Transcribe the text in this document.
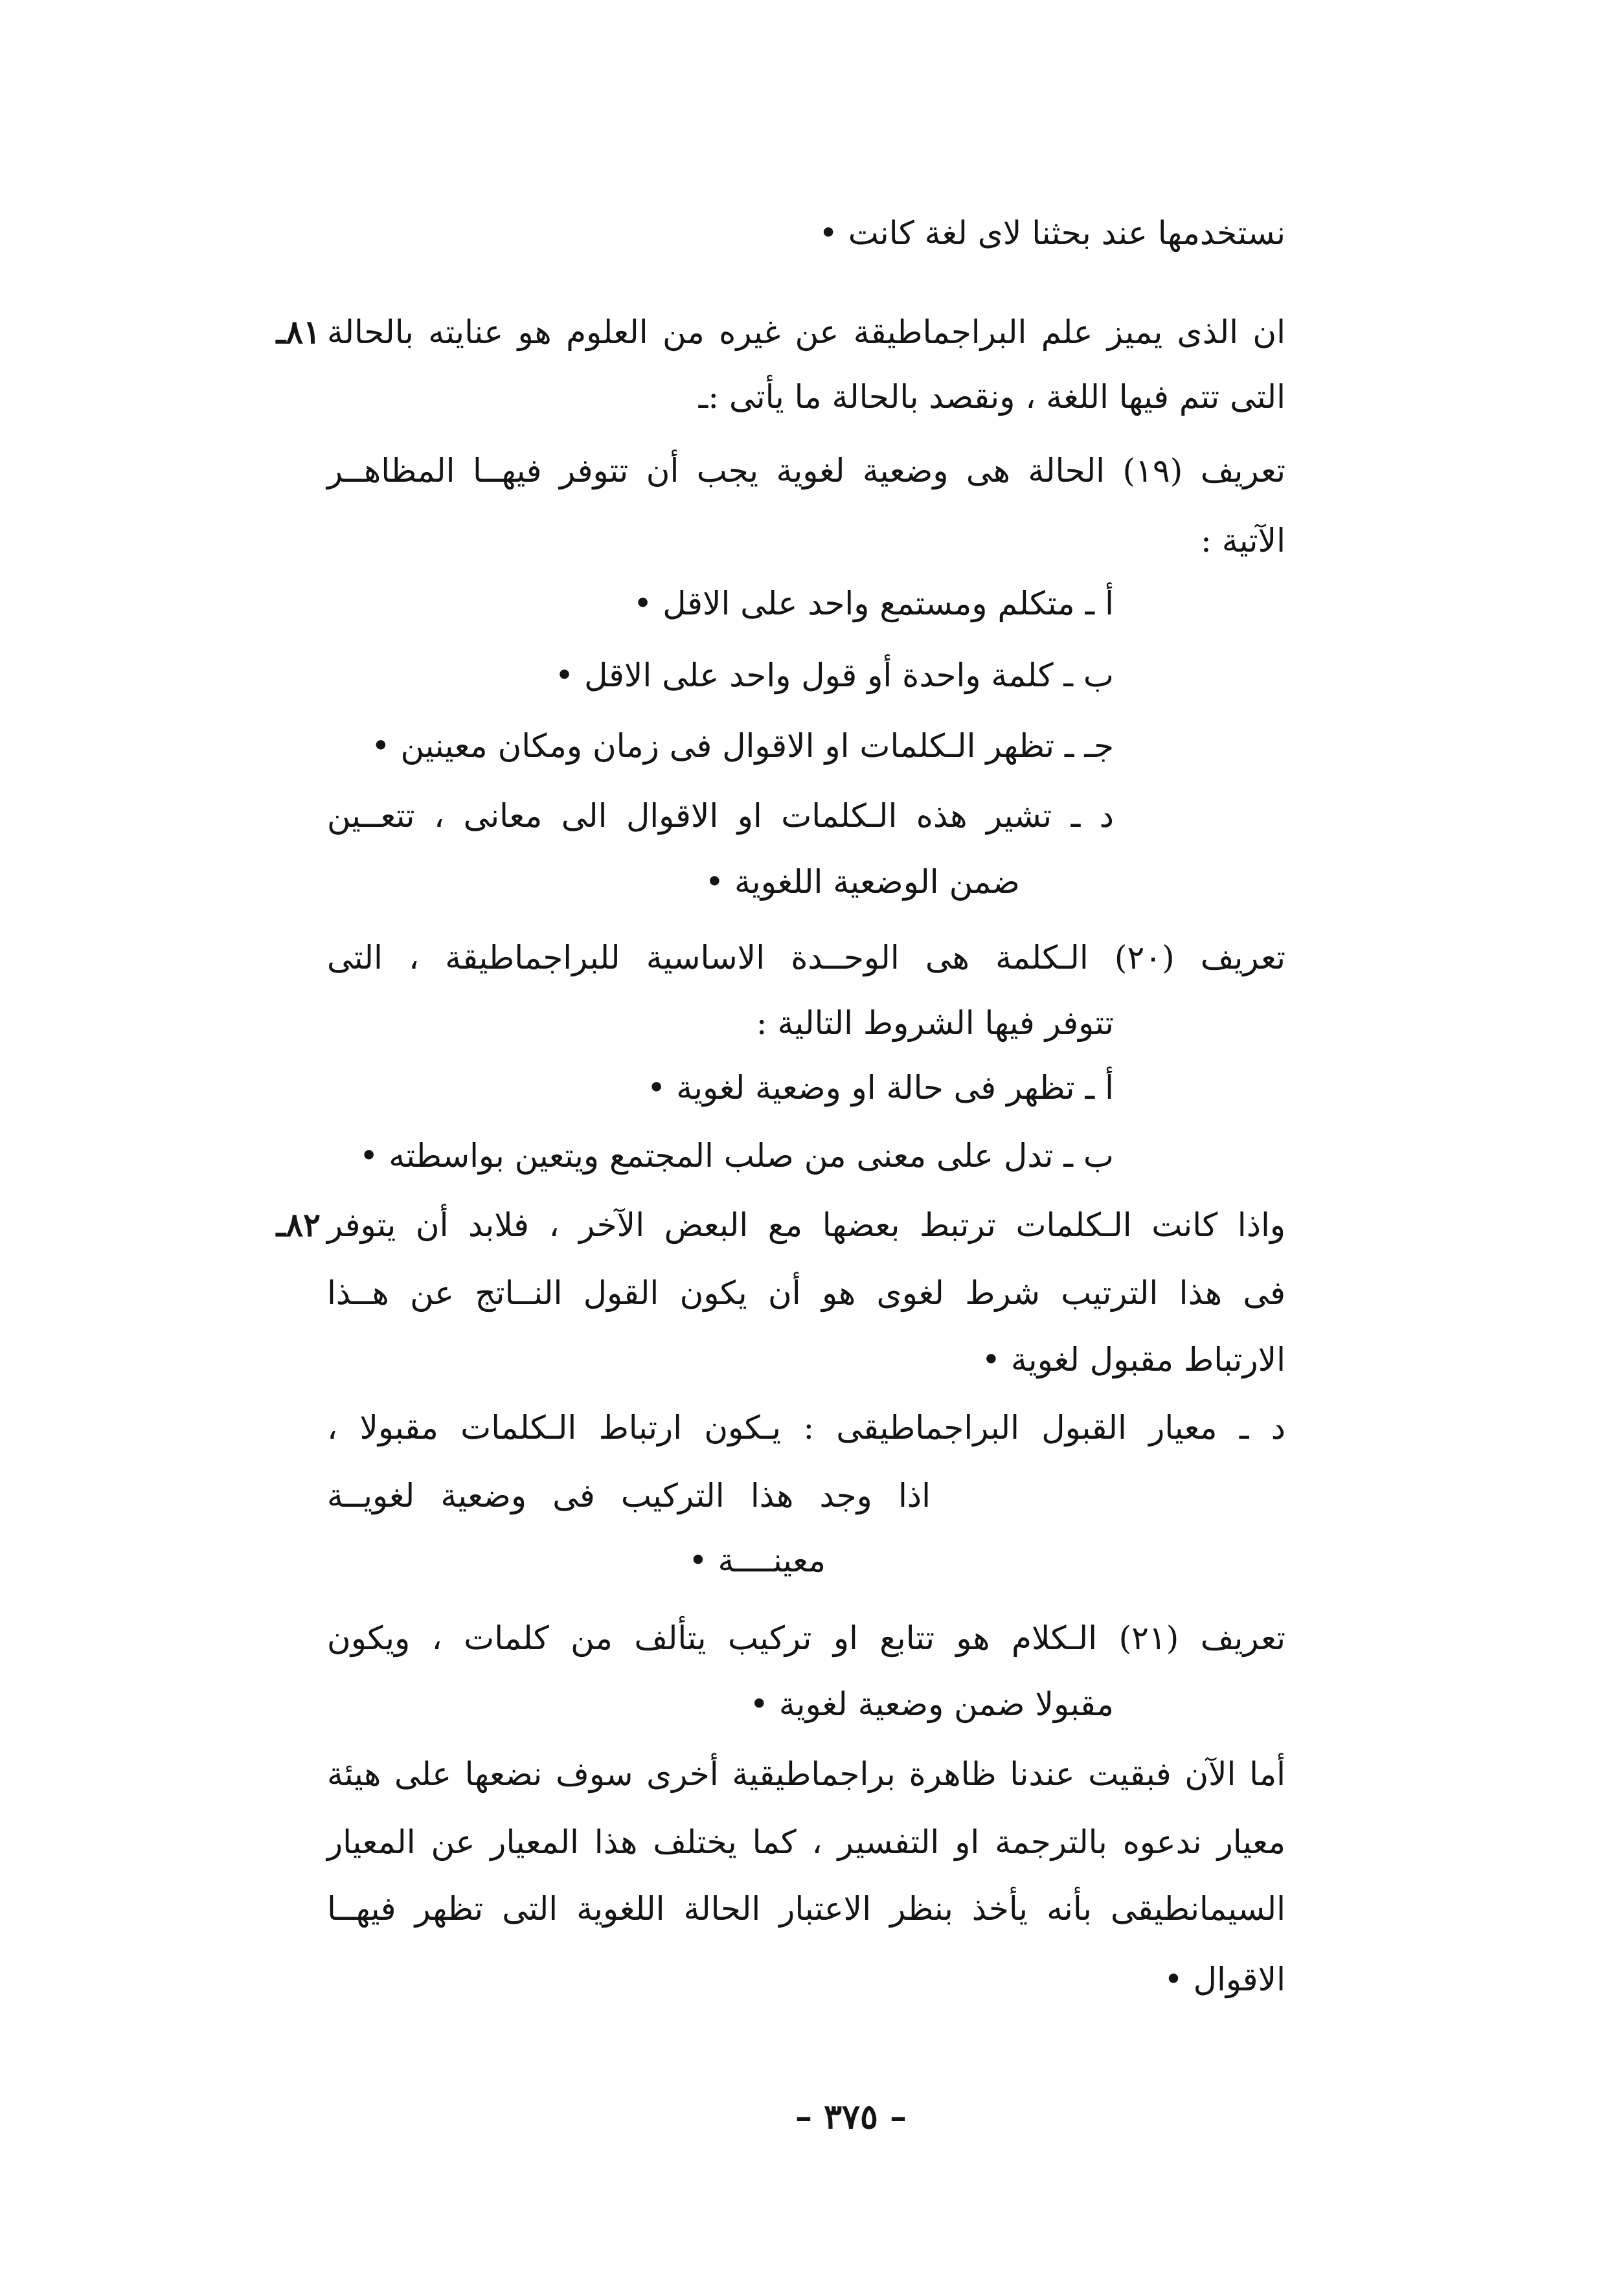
نستخدمها عند بحثنا لاى لغة كانت •
٨١ـ ان الذى يميز علم البراجماطيقة عن غيره من العلوم هو عنايته بالحالة
التى تتم فيها اللغة ، ونقصد بالحالة ما يأتى :ـ
تعريف (١٩) الحالة هى وضعية لغوية يجب أن تتوفر فيهــا المظاهــر
الآتية :
أ ـ متكلم ومستمع واحد على الاقل •
ب ـ كلمة واحدة أو قول واحد على الاقل •
جـ ـ تظهر الـكلمات او الاقوال فى زمان ومكان معينين •
د ـ تشير هذه الـكلمات او الاقوال الى معانى ، تتعــين
ضمن الوضعية اللغوية •
تعريف (٢٠) الـكلمة هى الوحــدة الاساسية للبراجماطيقة ، التى
تتوفر فيها الشروط التالية :
أ ـ تظهر فى حالة او وضعية لغوية •
ب ـ تدل على معنى من صلب المجتمع ويتعين بواسطته •
٨٢ـ واذا كانت الـكلمات ترتبط بعضها مع البعض الآخر ، فلابد أن يتوفر
فى هذا الترتيب شرط لغوى هو أن يكون القول النــاتج عن هــذا
الارتباط مقبول لغوية •
د ـ معيار القبول البراجماطيقى : يـكون ارتباط الـكلمات مقبولا ،
اذا وجد هذا التركيب فى وضعية لغويــة
معينــــة •
تعريف (٢١) الـكلام هو تتابع او تركيب يتألف من كلمات ، ويكون
مقبولا ضمن وضعية لغوية •
أما الآن فبقيت عندنا ظاهرة براجماطيقية أخرى سوف نضعها على هيئة
معيار ندعوه بالترجمة او التفسير ، كما يختلف هذا المعيار عن المعيار
السيمانطيقى بأنه يأخذ بنظر الاعتبار الحالة اللغوية التى تظهر فيهــا
الاقوال •
– ٣٧٥ –
